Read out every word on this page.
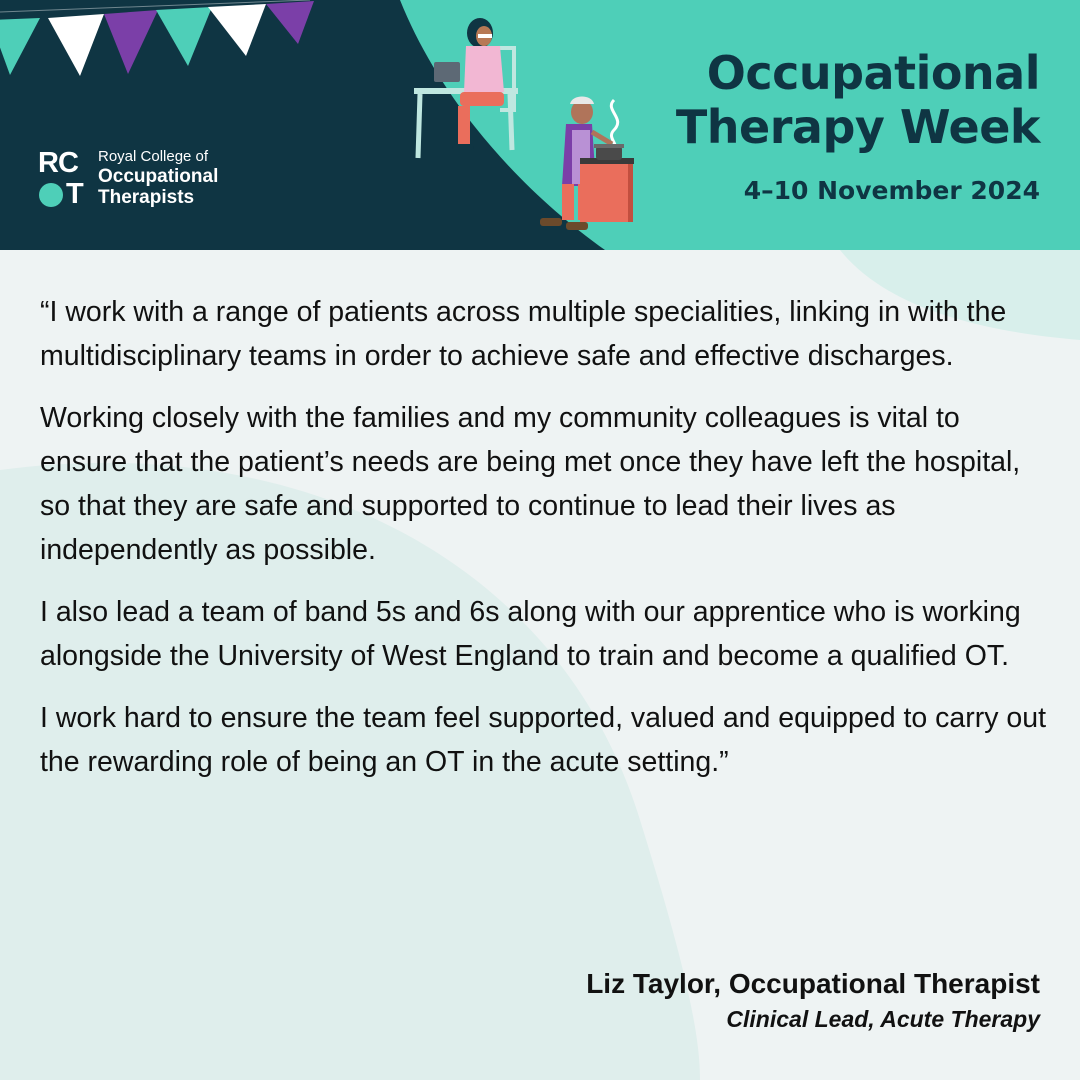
RC
T
Royal College of
Occupational
Therapists
Occupational
Therapy Week
4–10 November 2024

“I work with a range of patients across multiple specialities, linking in with the multidisciplinary teams in order to achieve safe and effective discharges.

Working closely with the families and my community colleagues is vital to ensure that the patient’s needs are being met once they have left the hospital, so that they are safe and supported to continue to lead their lives as independently as possible.

I also lead a team of band 5s and 6s along with our apprentice who is working alongside the University of West England to train and become a qualified OT.

I work hard to ensure the team feel supported, valued and equipped to carry out the rewarding role of being an OT in the acute setting.”

Liz Taylor, Occupational Therapist
Clinical Lead, Acute Therapy
